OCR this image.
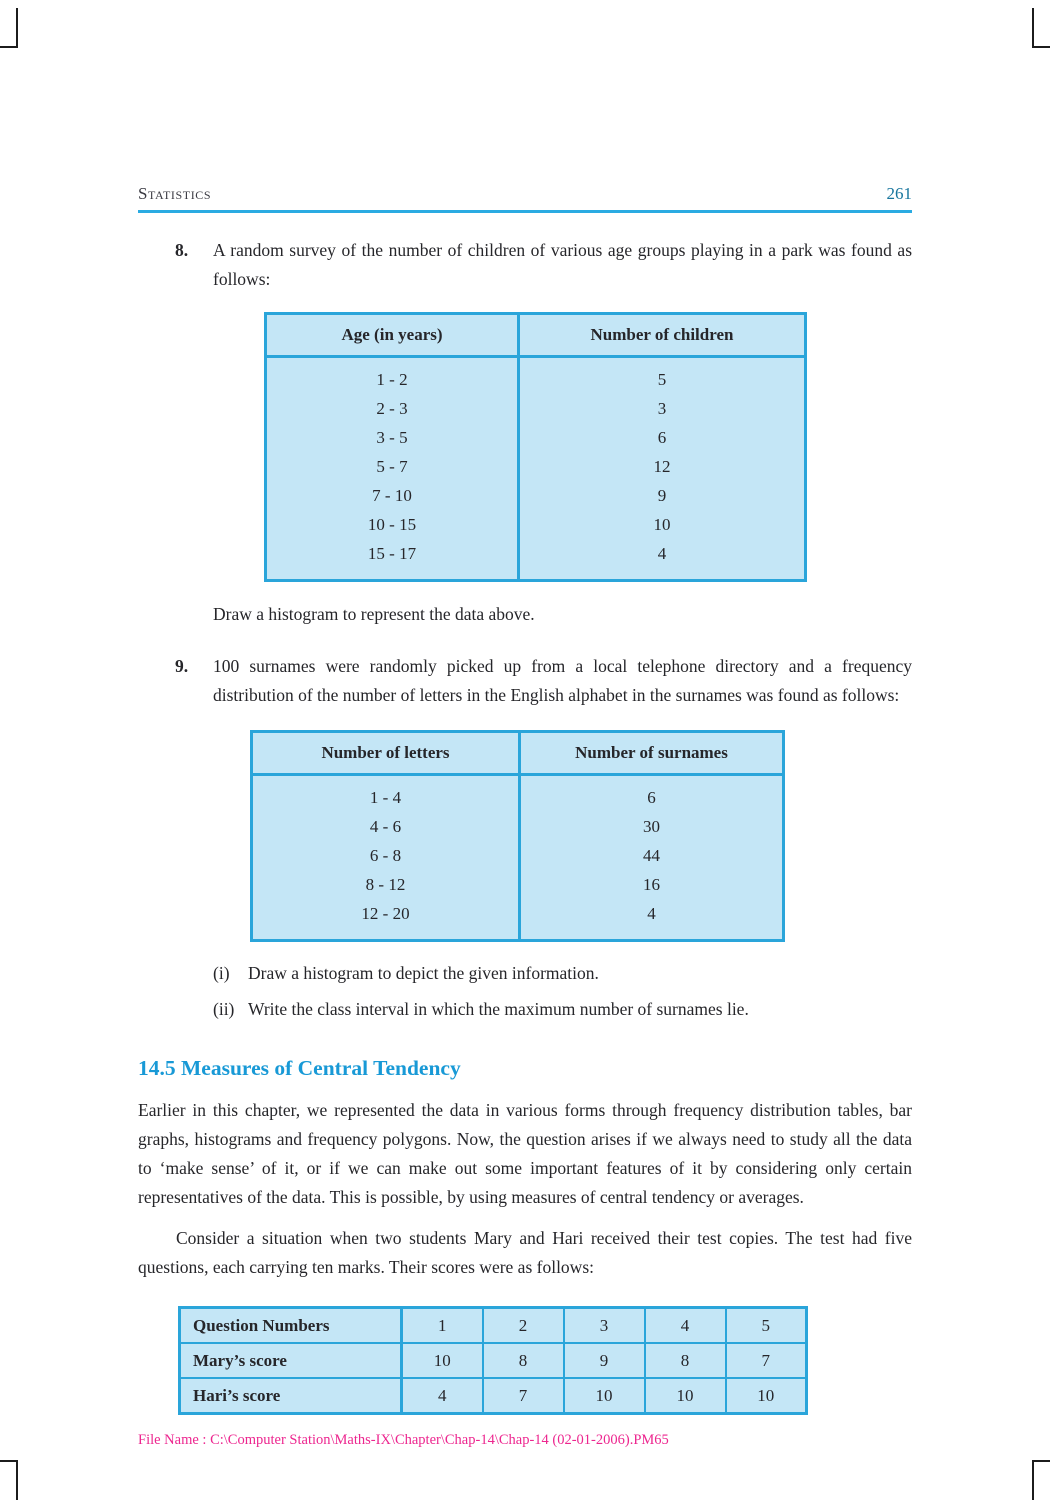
Statistics	261
8. A random survey of the number of children of various age groups playing in a park was found as follows:
Age (in years)	Number of children
1 - 2	5
2 - 3	3
3 - 5	6
5 - 7	12
7 - 10	9
10 - 15	10
15 - 17	4
Draw a histogram to represent the data above.
9. 100 surnames were randomly picked up from a local telephone directory and a frequency distribution of the number of letters in the English alphabet in the surnames was found as follows:
Number of letters	Number of surnames
1 - 4	6
4 - 6	30
6 - 8	44
8 - 12	16
12 - 20	4
(i) Draw a histogram to depict the given information.
(ii) Write the class interval in which the maximum number of surnames lie.
14.5 Measures of Central Tendency

Earlier in this chapter, we represented the data in various forms through frequency distribution tables, bar graphs, histograms and frequency polygons. Now, the question arises if we always need to study all the data to ‘make sense’ of it, or if we can make out some important features of it by considering only certain representatives of the data. This is possible, by using measures of central tendency or averages.

Consider a situation when two students Mary and Hari received their test copies. The test had five questions, each carrying ten marks. Their scores were as follows:

Question Numbers	1	2	3	4	5
Mary’s score	10	8	9	8	7
Hari’s score	4	7	10	10	10
File Name : C:\Computer Station\Maths-IX\Chapter\Chap-14\Chap-14 (02-01-2006).PM65
